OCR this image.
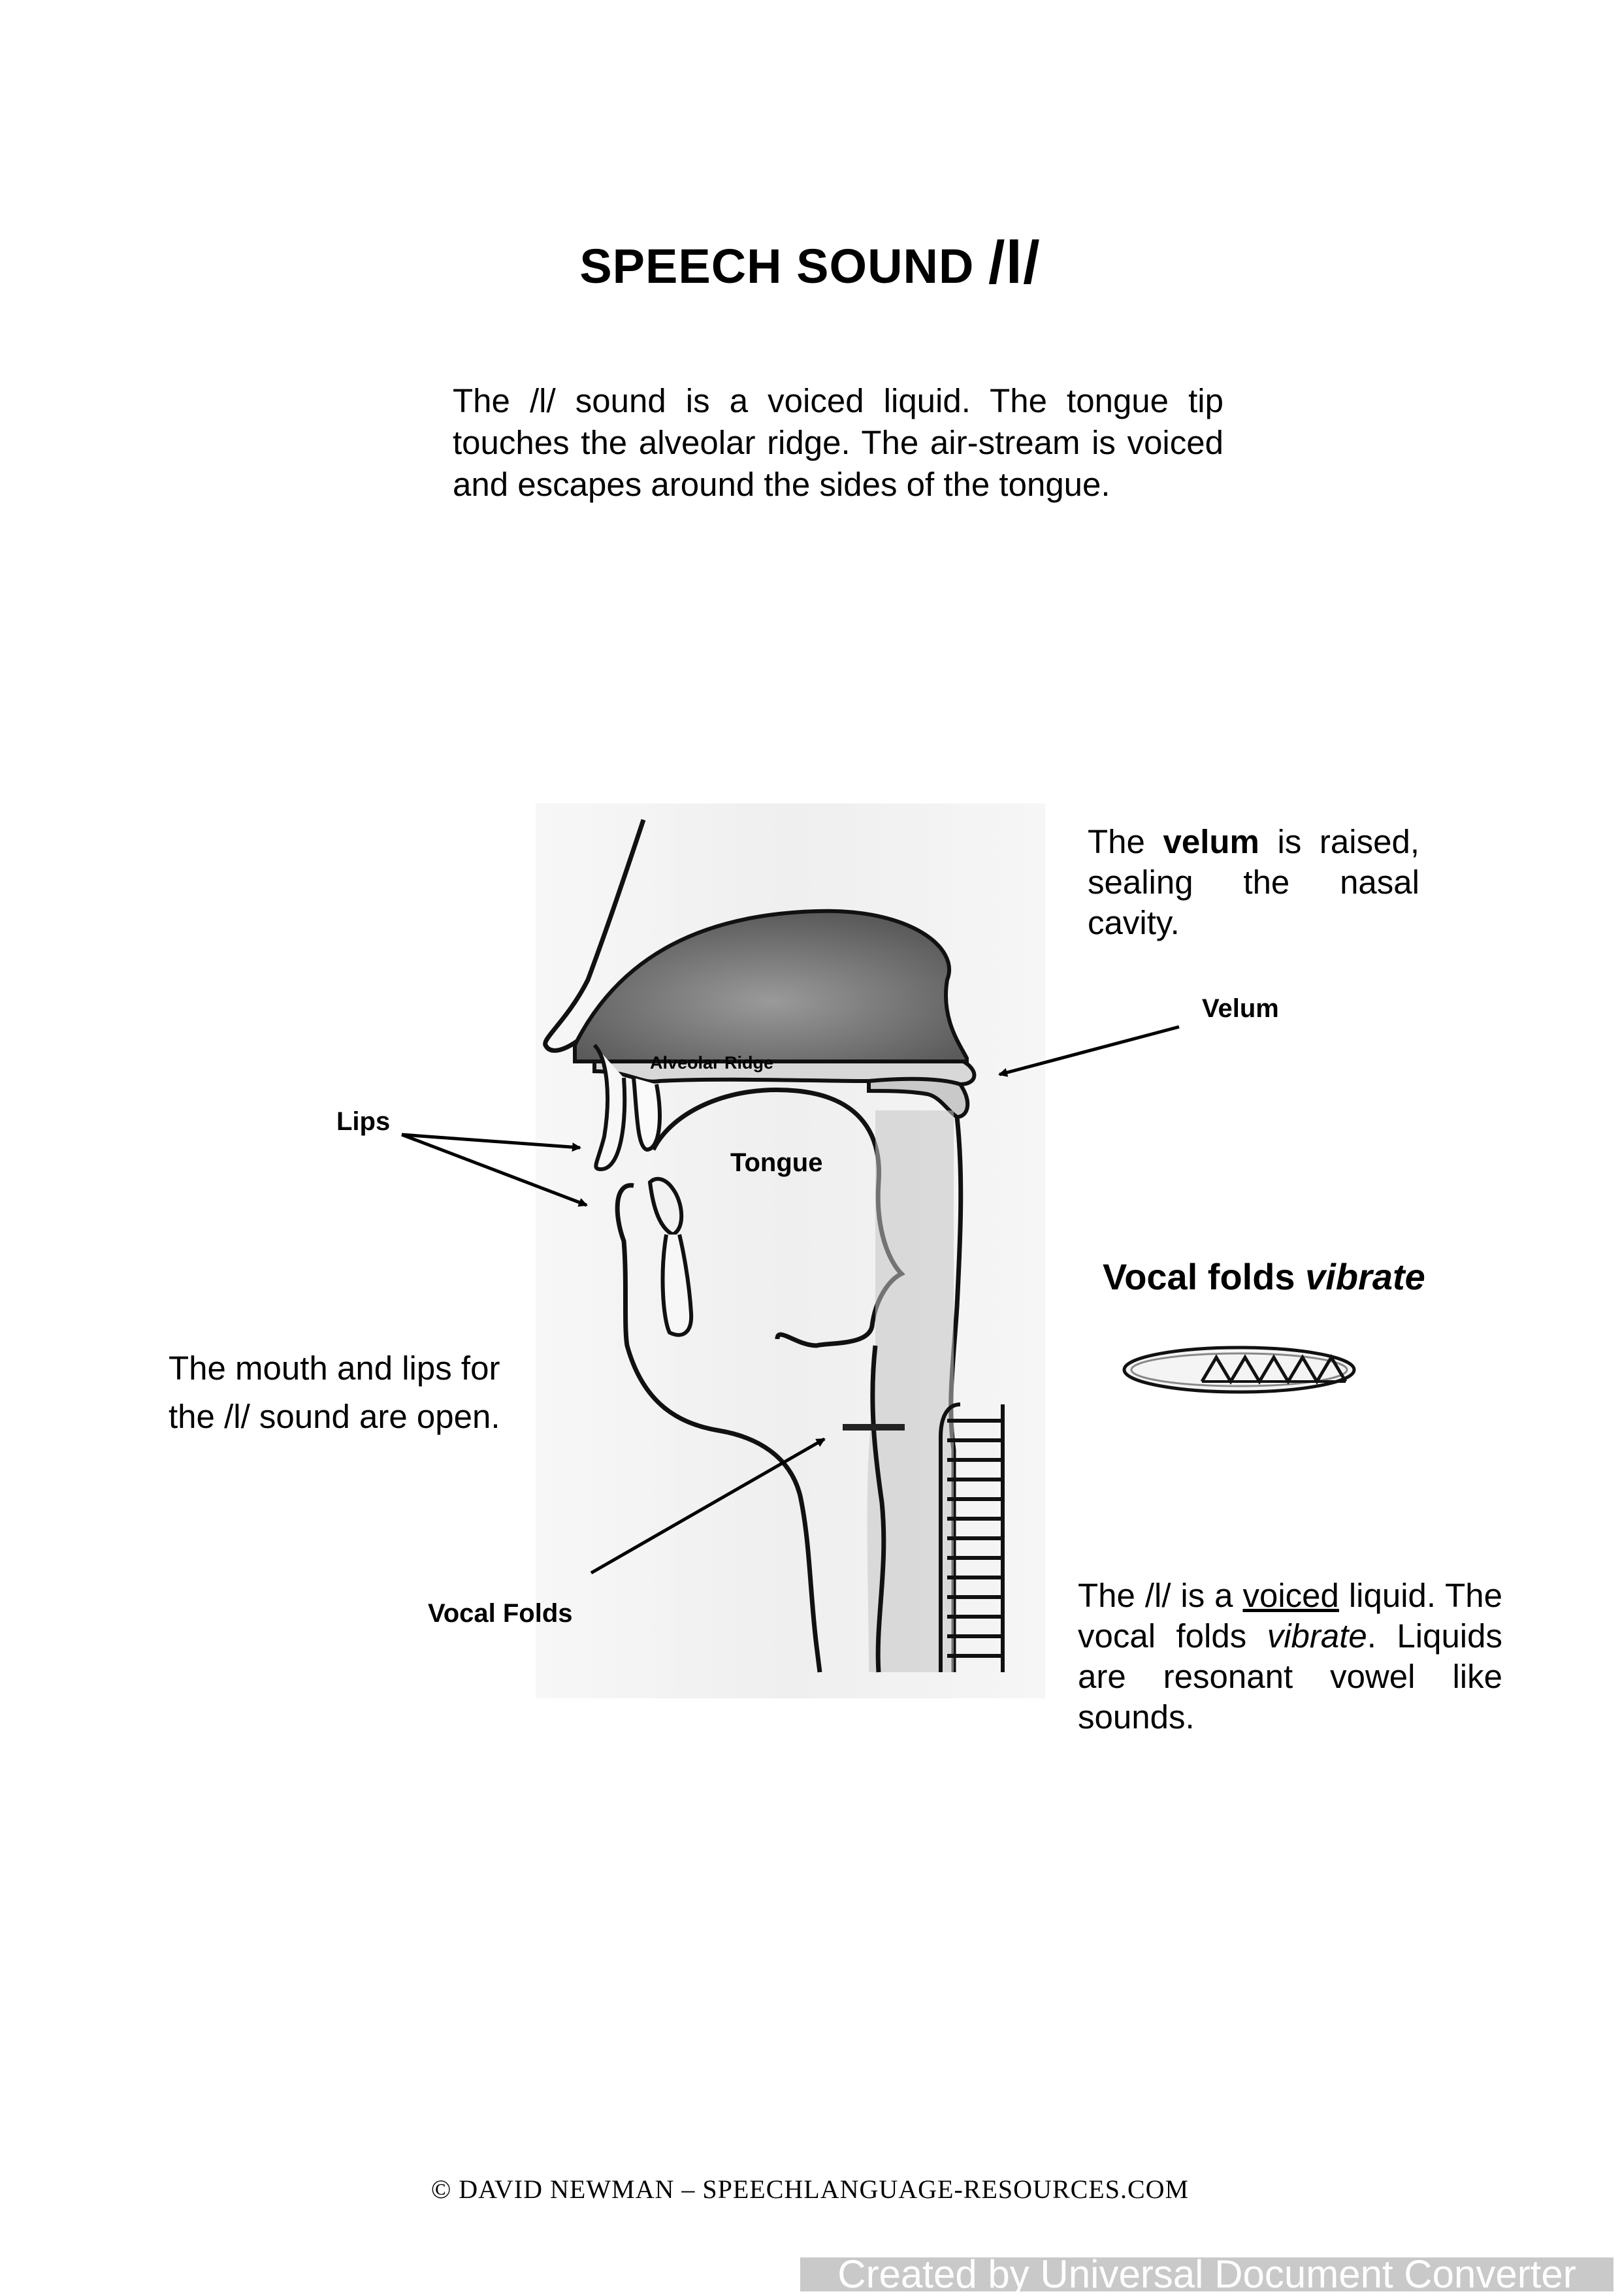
SPEECH SOUND /l/
The /l/ sound is a voiced liquid. The tongue tip touches the alveolar ridge. The air-stream is voiced and escapes around the sides of the tongue.
Velum
Alveolar Ridge
Lips
Tongue
Vocal Folds
The velum is raised, sealing the nasal cavity.
Vocal folds vibrate
The mouth and lips for
the /l/ sound are open.
The /l/ is a voiced liquid. The vocal folds vibrate. Liquids are resonant vowel like sounds.
© DAVID NEWMAN – SPEECHLANGUAGE-RESOURCES.COM
Created by Universal Document Converter
